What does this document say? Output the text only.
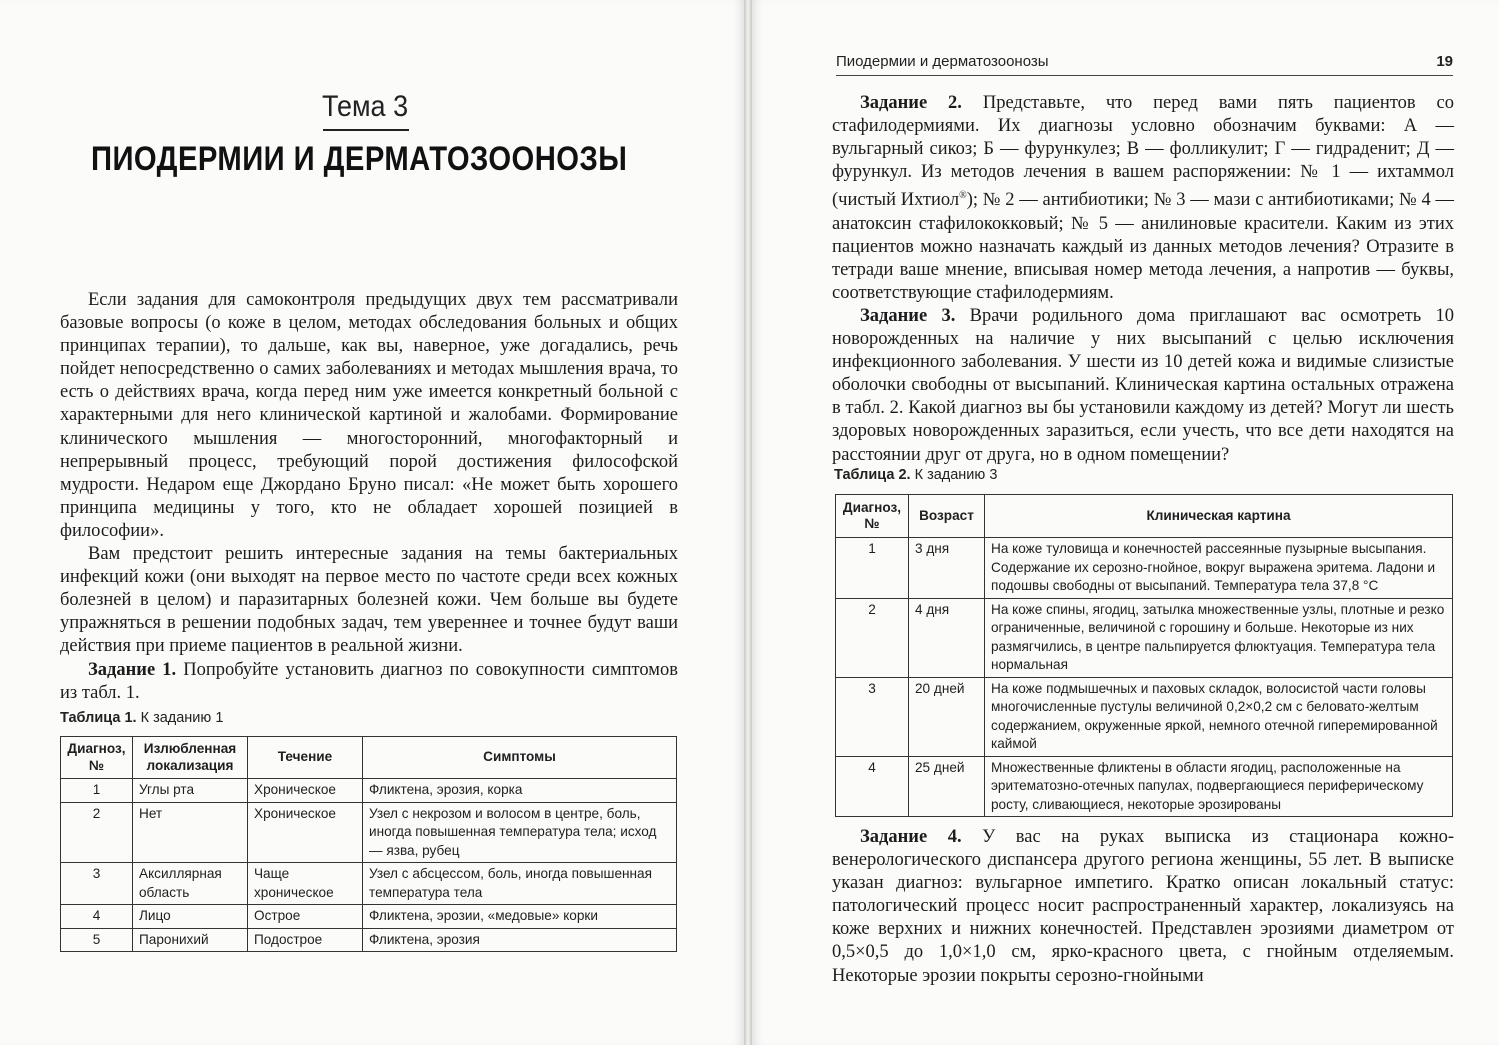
Тема 3
ПИОДЕРМИИ И ДЕРМАТОЗООНОЗЫ

Если задания для самоконтроля предыдущих двух тем рассматривали базовые вопросы (о коже в целом, методах обследования больных и общих принципах терапии), то дальше, как вы, наверное, уже догадались, речь пойдет непосредственно о самих заболеваниях и методах мышления врача, то есть о действиях врача, когда перед ним уже имеется конкретный больной с характерными для него клинической картиной и жалобами. Формирование клинического мышления — многосторонний, многофакторный и непрерывный процесс, требующий порой достижения философской мудрости. Недаром еще Джордано Бруно писал: «Не может быть хорошего принципа медицины у того, кто не обладает хорошей позицией в философии».

Вам предстоит решить интересные задания на темы бактериальных инфекций кожи (они выходят на первое место по частоте среди всех кожных болезней в целом) и паразитарных болезней кожи. Чем больше вы будете упражняться в решении подобных задач, тем увереннее и точнее будут ваши действия при приеме пациентов в реальной жизни.

Задание 1. Попробуйте установить диагноз по совокупности симптомов из табл. 1.

Таблица 1. К заданию 1
Диагноз, №	Излюбленная локализация	Течение	Симптомы
1	Углы рта	Хроническое	Фликтена, эрозия, корка
2	Нет	Хроническое	Узел с некрозом и волосом в центре, боль, иногда повышенная температура тела; исход — язва, рубец
3	Аксиллярная область	Чаще хроническое	Узел с абсцессом, боль, иногда повышенная температура тела
4	Лицо	Острое	Фликтена, эрозии, «медовые» корки
5	Паронихий	Подострое	Фликтена, эрозия
Пиодермии и дерматозоонозы	19

Задание 2. Представьте, что перед вами пять пациентов со стафилодермиями. Их диагнозы условно обозначим буквами: А — вульгарный сикоз; Б — фурункулез; В — фолликулит; Г — гидраденит; Д — фурункул. Из методов лечения в вашем распоряжении: № 1 — ихтаммол (чистый Ихтиол®); № 2 — антибиотики; № 3 — мази с антибиотиками; № 4 — анатоксин стафилококковый; № 5 — анилиновые красители. Каким из этих пациентов можно назначать каждый из данных методов лечения? Отразите в тетради ваше мнение, вписывая номер метода лечения, а напротив — буквы, соответствующие стафилодермиям.

Задание 3. Врачи родильного дома приглашают вас осмотреть 10 новорожденных на наличие у них высыпаний с целью исключения инфекционного заболевания. У шести из 10 детей кожа и видимые слизистые оболочки свободны от высыпаний. Клиническая картина остальных отражена в табл. 2. Какой диагноз вы бы установили каждому из детей? Могут ли шесть здоровых новорожденных заразиться, если учесть, что все дети находятся на расстоянии друг от друга, но в одном помещении?

Таблица 2. К заданию 3
Диагноз, №	Возраст	Клиническая картина
1	3 дня	На коже туловища и конечностей рассеянные пузырные высыпания. Содержание их серозно-гнойное, вокруг выражена эритема. Ладони и подошвы свободны от высыпаний. Температура тела 37,8 °С
2	4 дня	На коже спины, ягодиц, затылка множественные узлы, плотные и резко ограниченные, величиной с горошину и больше. Некоторые из них размягчились, в центре пальпируется флюктуация. Температура тела нормальная
3	20 дней	На коже подмышечных и паховых складок, волосистой части головы многочисленные пустулы величиной 0,2×0,2 см с беловато-желтым содержанием, окруженные яркой, немного отечной гиперемированной каймой
4	25 дней	Множественные фликтены в области ягодиц, расположенные на эритематозно-отечных папулах, подвергающиеся периферическому росту, сливающиеся, некоторые эрозированы

Задание 4. У вас на руках выписка из стационара кожно-венерологического диспансера другого региона женщины, 55 лет. В выписке указан диагноз: вульгарное импетиго. Кратко описан локальный статус: патологический процесс носит распространенный характер, локализуясь на коже верхних и нижних конечностей. Представлен эрозиями диаметром от 0,5×0,5 до 1,0×1,0 см, ярко-красного цвета, с гнойным отделяемым. Некоторые эрозии покрыты серозно-гнойными
